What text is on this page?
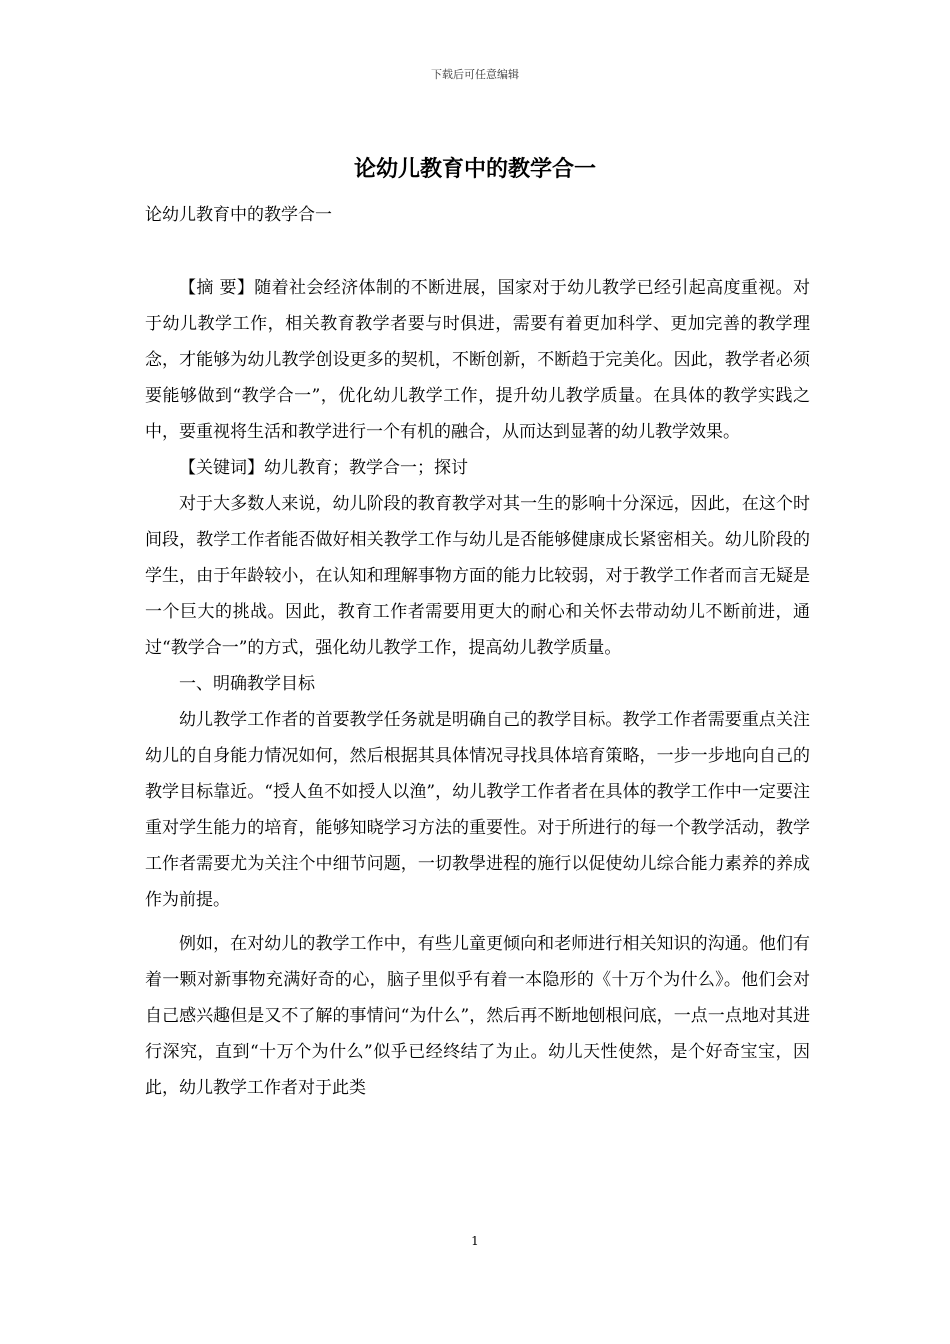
下载后可任意编辑
论幼儿教育中的教学合一
论幼儿教育中的教学合一

【摘 要】随着社会经济体制的不断进展，国家对于幼儿教学已经引起高度重视。对于幼儿教学工作，相关教育教学者要与时俱进，需要有着更加科学、更加完善的教学理念，才能够为幼儿教学创设更多的契机，不断创新，不断趋于完美化。因此，教学者必须要能够做到“教学合一”，优化幼儿教学工作，提升幼儿教学质量。在具体的教学实践之中，要重视将生活和教学进行一个有机的融合，从而达到显著的幼儿教学效果。

【关键词】幼儿教育；教学合一；探讨

对于大多数人来说，幼儿阶段的教育教学对其一生的影响十分深远，因此，在这个时间段，教学工作者能否做好相关教学工作与幼儿是否能够健康成长紧密相关。幼儿阶段的学生，由于年龄较小，在认知和理解事物方面的能力比较弱，对于教学工作者而言无疑是一个巨大的挑战。因此，教育工作者需要用更大的耐心和关怀去带动幼儿不断前进，通过“教学合一”的方式，强化幼儿教学工作，提高幼儿教学质量。

一、明确教学目标

幼儿教学工作者的首要教学任务就是明确自己的教学目标。教学工作者需要重点关注幼儿的自身能力情况如何，然后根据其具体情况寻找具体培育策略，一步一步地向自己的教学目标靠近。“授人鱼不如授人以渔”，幼儿教学工作者者在具体的教学工作中一定要注重对学生能力的培育，能够知晓学习方法的重要性。对于所进行的每一个教学活动，教学工作者需要尤为关注个中细节问题，一切教學进程的施行以促使幼儿综合能力素养的养成作为前提。

例如，在对幼儿的教学工作中，有些儿童更倾向和老师进行相关知识的沟通。他们有着一颗对新事物充满好奇的心，脑子里似乎有着一本隐形的《十万个为什么》。他们会对自己感兴趣但是又不了解的事情问“为什么”，然后再不断地刨根问底，一点一点地对其进行深究，直到“十万个为什么”似乎已经终结了为止。幼儿天性使然，是个好奇宝宝，因此，幼儿教学工作者对于此类

1
